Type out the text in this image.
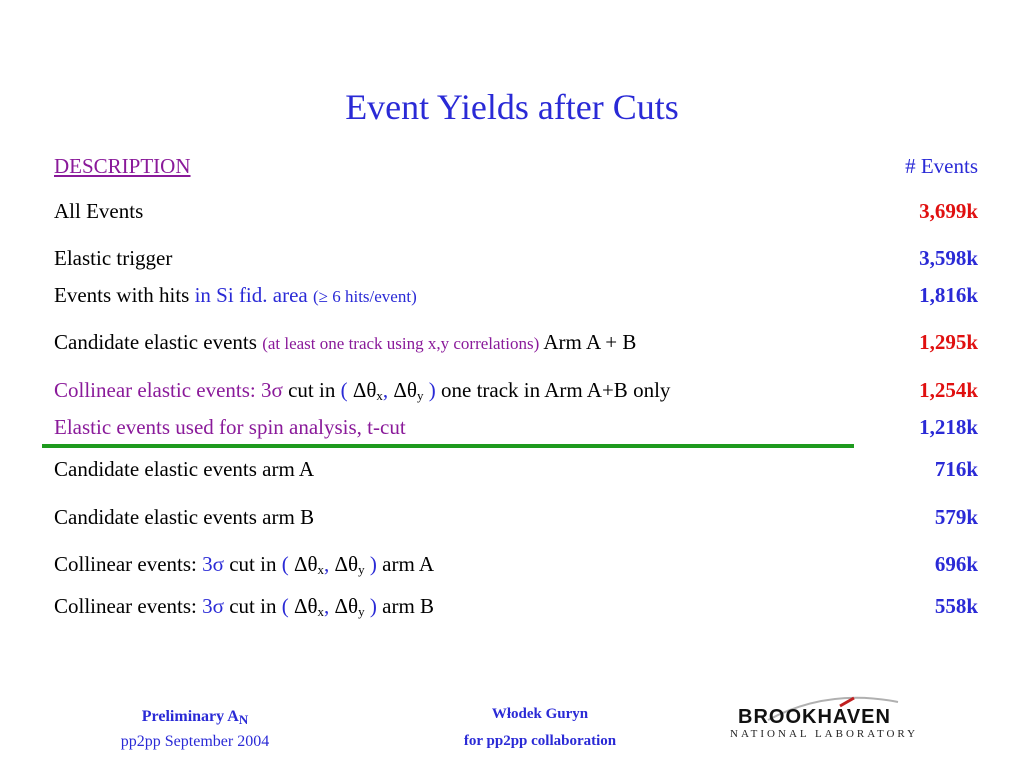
Event Yields after Cuts
DESCRIPTION	# Events
All Events	3,699k
Elastic trigger	3,598k
Events with hits in Si fid. area (≥ 6 hits/event)	1,816k
Candidate elastic events (at least one track using x,y correlations) Arm A + B	1,295k
Collinear elastic events: 3σ cut in ( $\Delta\theta_x$, $\Delta\theta_y$ ) one track in Arm A+B only	1,254k
Elastic events used for spin analysis, t-cut	1,218k
Candidate elastic events arm A	716k
Candidate elastic events arm B	579k
Collinear events: 3σ cut in ( $\Delta\theta_x$, $\Delta\theta_y$ ) arm A	696k
Collinear events: 3σ cut in ( $\Delta\theta_x$, $\Delta\theta_y$ ) arm B	558k
Preliminary $A_N$
pp2pp September 2004
Włodek Guryn
for pp2pp collaboration
BROOKHAVEN
NATIONAL LABORATORY
